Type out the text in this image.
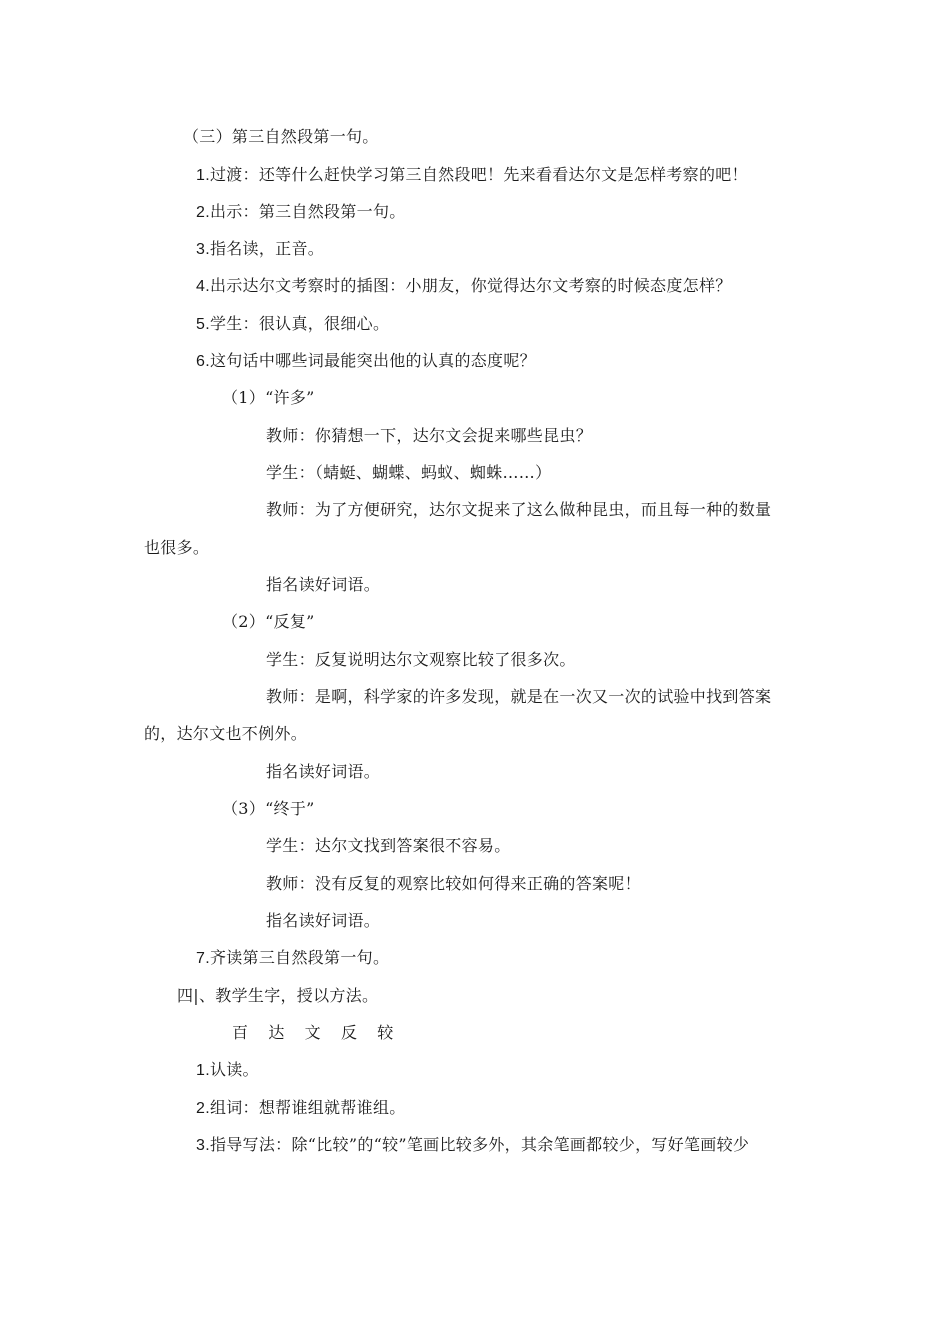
（三）第三自然段第一句。
1.过渡：还等什么赶快学习第三自然段吧！先来看看达尔文是怎样考察的吧！
2.出示：第三自然段第一句。
3.指名读，正音。
4.出示达尔文考察时的插图：小朋友，你觉得达尔文考察的时候态度怎样？
5.学生：很认真，很细心。
6.这句话中哪些词最能突出他的认真的态度呢？
（1）“许多”
教师：你猜想一下，达尔文会捉来哪些昆虫？
学生：（蜻蜓、蝴蝶、蚂蚁、蜘蛛……）
教师：为了方便研究，达尔文捉来了这么做种昆虫，而且每一种的数量
也很多。
指名读好词语。
（2）“反复”
学生：反复说明达尔文观察比较了很多次。
教师：是啊，科学家的许多发现，就是在一次又一次的试验中找到答案
的，达尔文也不例外。
指名读好词语。
（3）“终于”
学生：达尔文找到答案很不容易。
教师：没有反复的观察比较如何得来正确的答案呢！
指名读好词语。
7.齐读第三自然段第一句。
四|、教学生字，授以方法。
百 达 文 反 较
1.认读。
2.组词：想帮谁组就帮谁组。
3.指导写法：除“比较”的“较”笔画比较多外，其余笔画都较少，写好笔画较少
